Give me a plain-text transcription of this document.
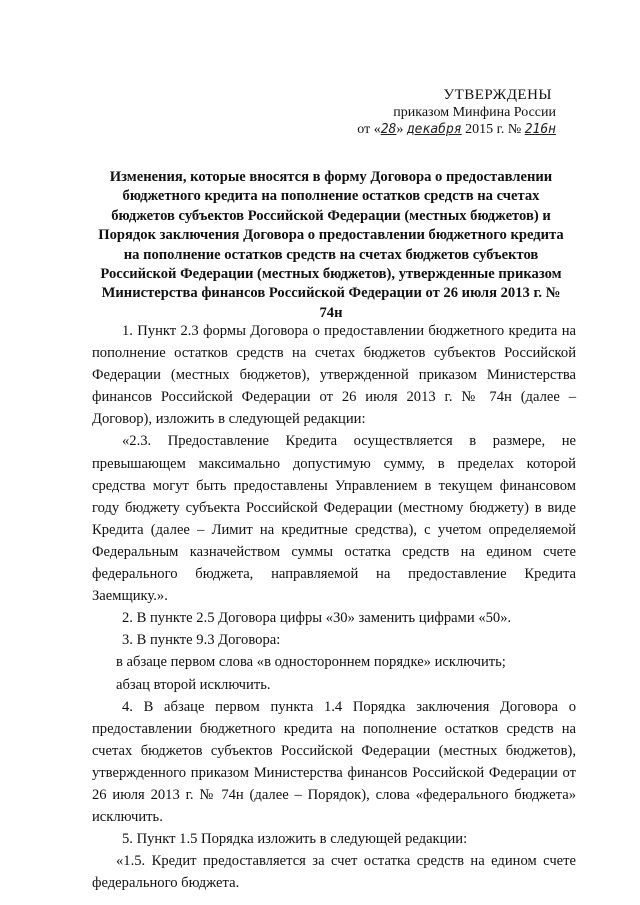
УТВЕРЖДЕНЫ
приказом Минфина России
от «28» декабря 2015 г. № 216н
Изменения, которые вносятся в форму Договора о предоставлении бюджетного кредита на пополнение остатков средств на счетах бюджетов субъектов Российской Федерации (местных бюджетов) и Порядок заключения Договора о предоставлении бюджетного кредита на пополнение остатков средств на счетах бюджетов субъектов Российской Федерации (местных бюджетов), утвержденные приказом Министерства финансов Российской Федерации от 26 июля 2013 г. № 74н

1. Пункт 2.3 формы Договора о предоставлении бюджетного кредита на пополнение остатков средств на счетах бюджетов субъектов Российской Федерации (местных бюджетов), утвержденной приказом Министерства финансов Российской Федерации от 26 июля 2013 г. № 74н (далее – Договор), изложить в следующей редакции:

«2.3. Предоставление Кредита осуществляется в размере, не превышающем максимально допустимую сумму, в пределах которой средства могут быть предоставлены Управлением в текущем финансовом году бюджету субъекта Российской Федерации (местному бюджету) в виде Кредита (далее – Лимит на кредитные средства), с учетом определяемой Федеральным казначейством суммы остатка средств на едином счете федерального бюджета, направляемой на предоставление Кредита Заемщику.».

2. В пункте 2.5 Договора цифры «30» заменить цифрами «50».

3. В пункте 9.3 Договора:

в абзаце первом слова «в одностороннем порядке» исключить;

абзац второй исключить.

4. В абзаце первом пункта 1.4 Порядка заключения Договора о предоставлении бюджетного кредита на пополнение остатков средств на счетах бюджетов субъектов Российской Федерации (местных бюджетов), утвержденного приказом Министерства финансов Российской Федерации от 26 июля 2013 г. № 74н (далее – Порядок), слова «федерального бюджета» исключить.

5. Пункт 1.5 Порядка изложить в следующей редакции:

«1.5. Кредит предоставляется за счет остатка средств на едином счете федерального бюджета.
